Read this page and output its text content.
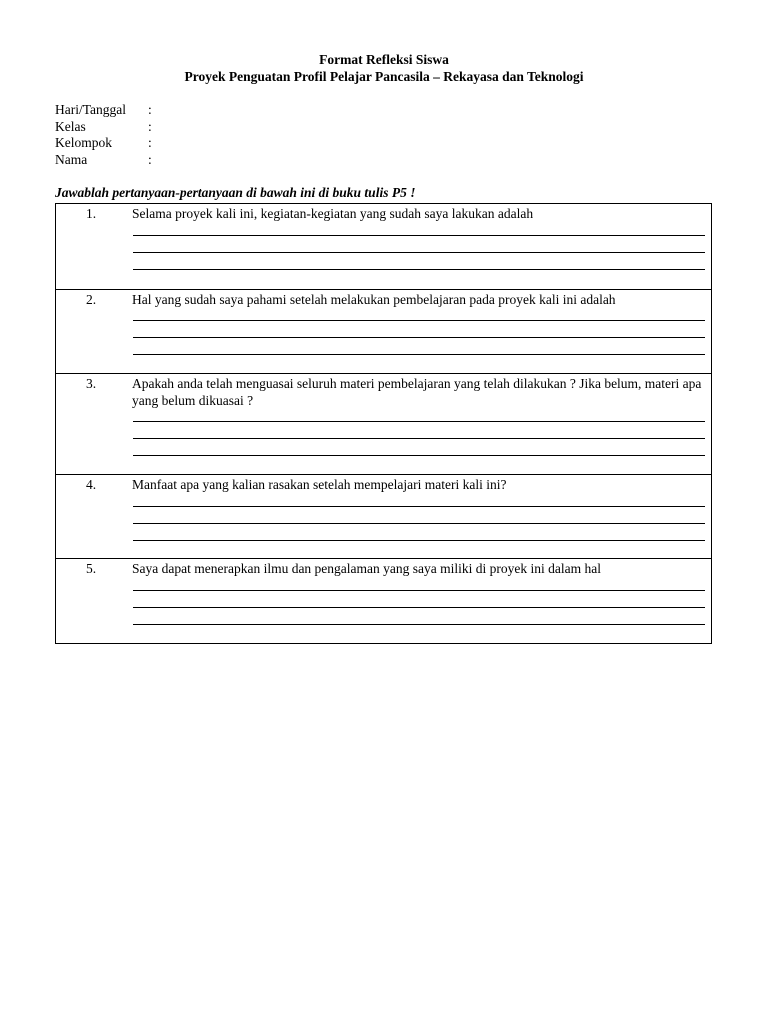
Format Refleksi Siswa
Proyek Penguatan Profil Pelajar Pancasila – Rekayasa dan Teknologi
Hari/Tanggal :
Kelas	:
Kelompok	:
Nama	:
Jawablah pertanyaan-pertanyaan di bawah ini di buku tulis P5 !
1.	Selama proyek kali ini, kegiatan-kegiatan yang sudah saya lakukan adalah
2.	Hal yang sudah saya pahami setelah melakukan pembelajaran pada proyek kali ini adalah
3.	Apakah anda telah menguasai seluruh materi pembelajaran yang telah dilakukan ? Jika belum, materi apa yang belum dikuasai ?
4.	Manfaat apa yang kalian rasakan setelah mempelajari materi kali ini?
5.	Saya dapat menerapkan ilmu dan pengalaman yang saya miliki di proyek ini dalam hal
